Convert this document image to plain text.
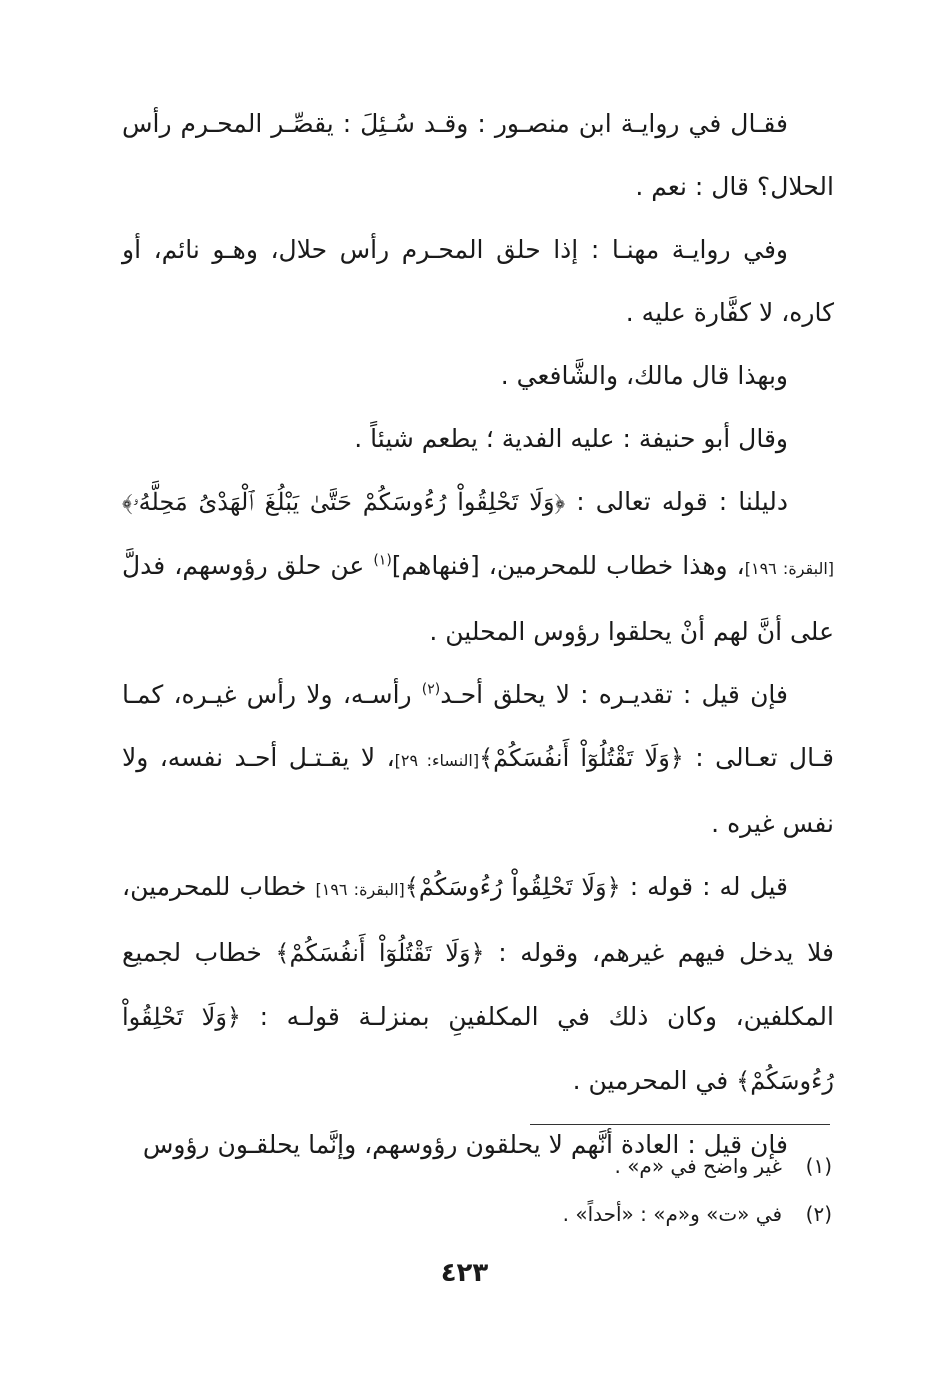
فقـال في روايـة ابن منصـور : وقـد سُـئِلَ : يقصِّـر المحـرم رأس الحلال؟ قال : نعم .

وفي روايـة مهنـا : إذا حلق المحـرم رأس حلال، وهـو نائم، أو كاره، لا كفَّارة عليه .

وبهذا قال مالك، والشَّافعي .

وقال أبو حنيفة : عليه الفدية ؛ يطعم شيئاً .

دليلنا : قوله تعالى : ﴿وَلَا تَحْلِقُواْ رُءُوسَكُمْ حَتَّىٰ يَبْلُغَ ٱلْهَدْىُ مَحِلَّهُۥ﴾[البقرة: ١٩٦]، وهذا خطاب للمحرمين، [فنهاهم]$^{(١)}$ عن حلق رؤوسهم، فدلَّ على أنَّ لهم أنْ يحلقوا رؤوس المحلين .

فإن قيل : تقديـره : لا يحلق أحـد$^{(٢)}$ رأسـه، ولا رأس غيـره، كمـا قـال تعـالى : ﴿وَلَا تَقْتُلُوٓاْ أَنفُسَكُمْ﴾[النساء: ٢٩]، لا يقـتـل أحـد نفسه، ولا نفس غيره .

قيل له : قوله : ﴿وَلَا تَحْلِقُواْ رُءُوسَكُمْ﴾[البقرة: ١٩٦] خطاب للمحرمين، فلا يدخل فيهم غيرهم، وقوله : ﴿وَلَا تَقْتُلُوٓاْ أَنفُسَكُمْ﴾ خطاب لجميع المكلفين، وكان ذلك في المكلفينِ بمنزلـة قولـه : ﴿وَلَا تَحْلِقُواْ رُءُوسَكُمْ﴾ في المحرمين .

فإن قيل : العادة أنَّهم لا يحلقون رؤوسهم، وإنَّما يحلقـون رؤوس

(١)غير واضح في «م» .

(٢)في «ت» و«م» : «أحداً» .

٤٢٣
